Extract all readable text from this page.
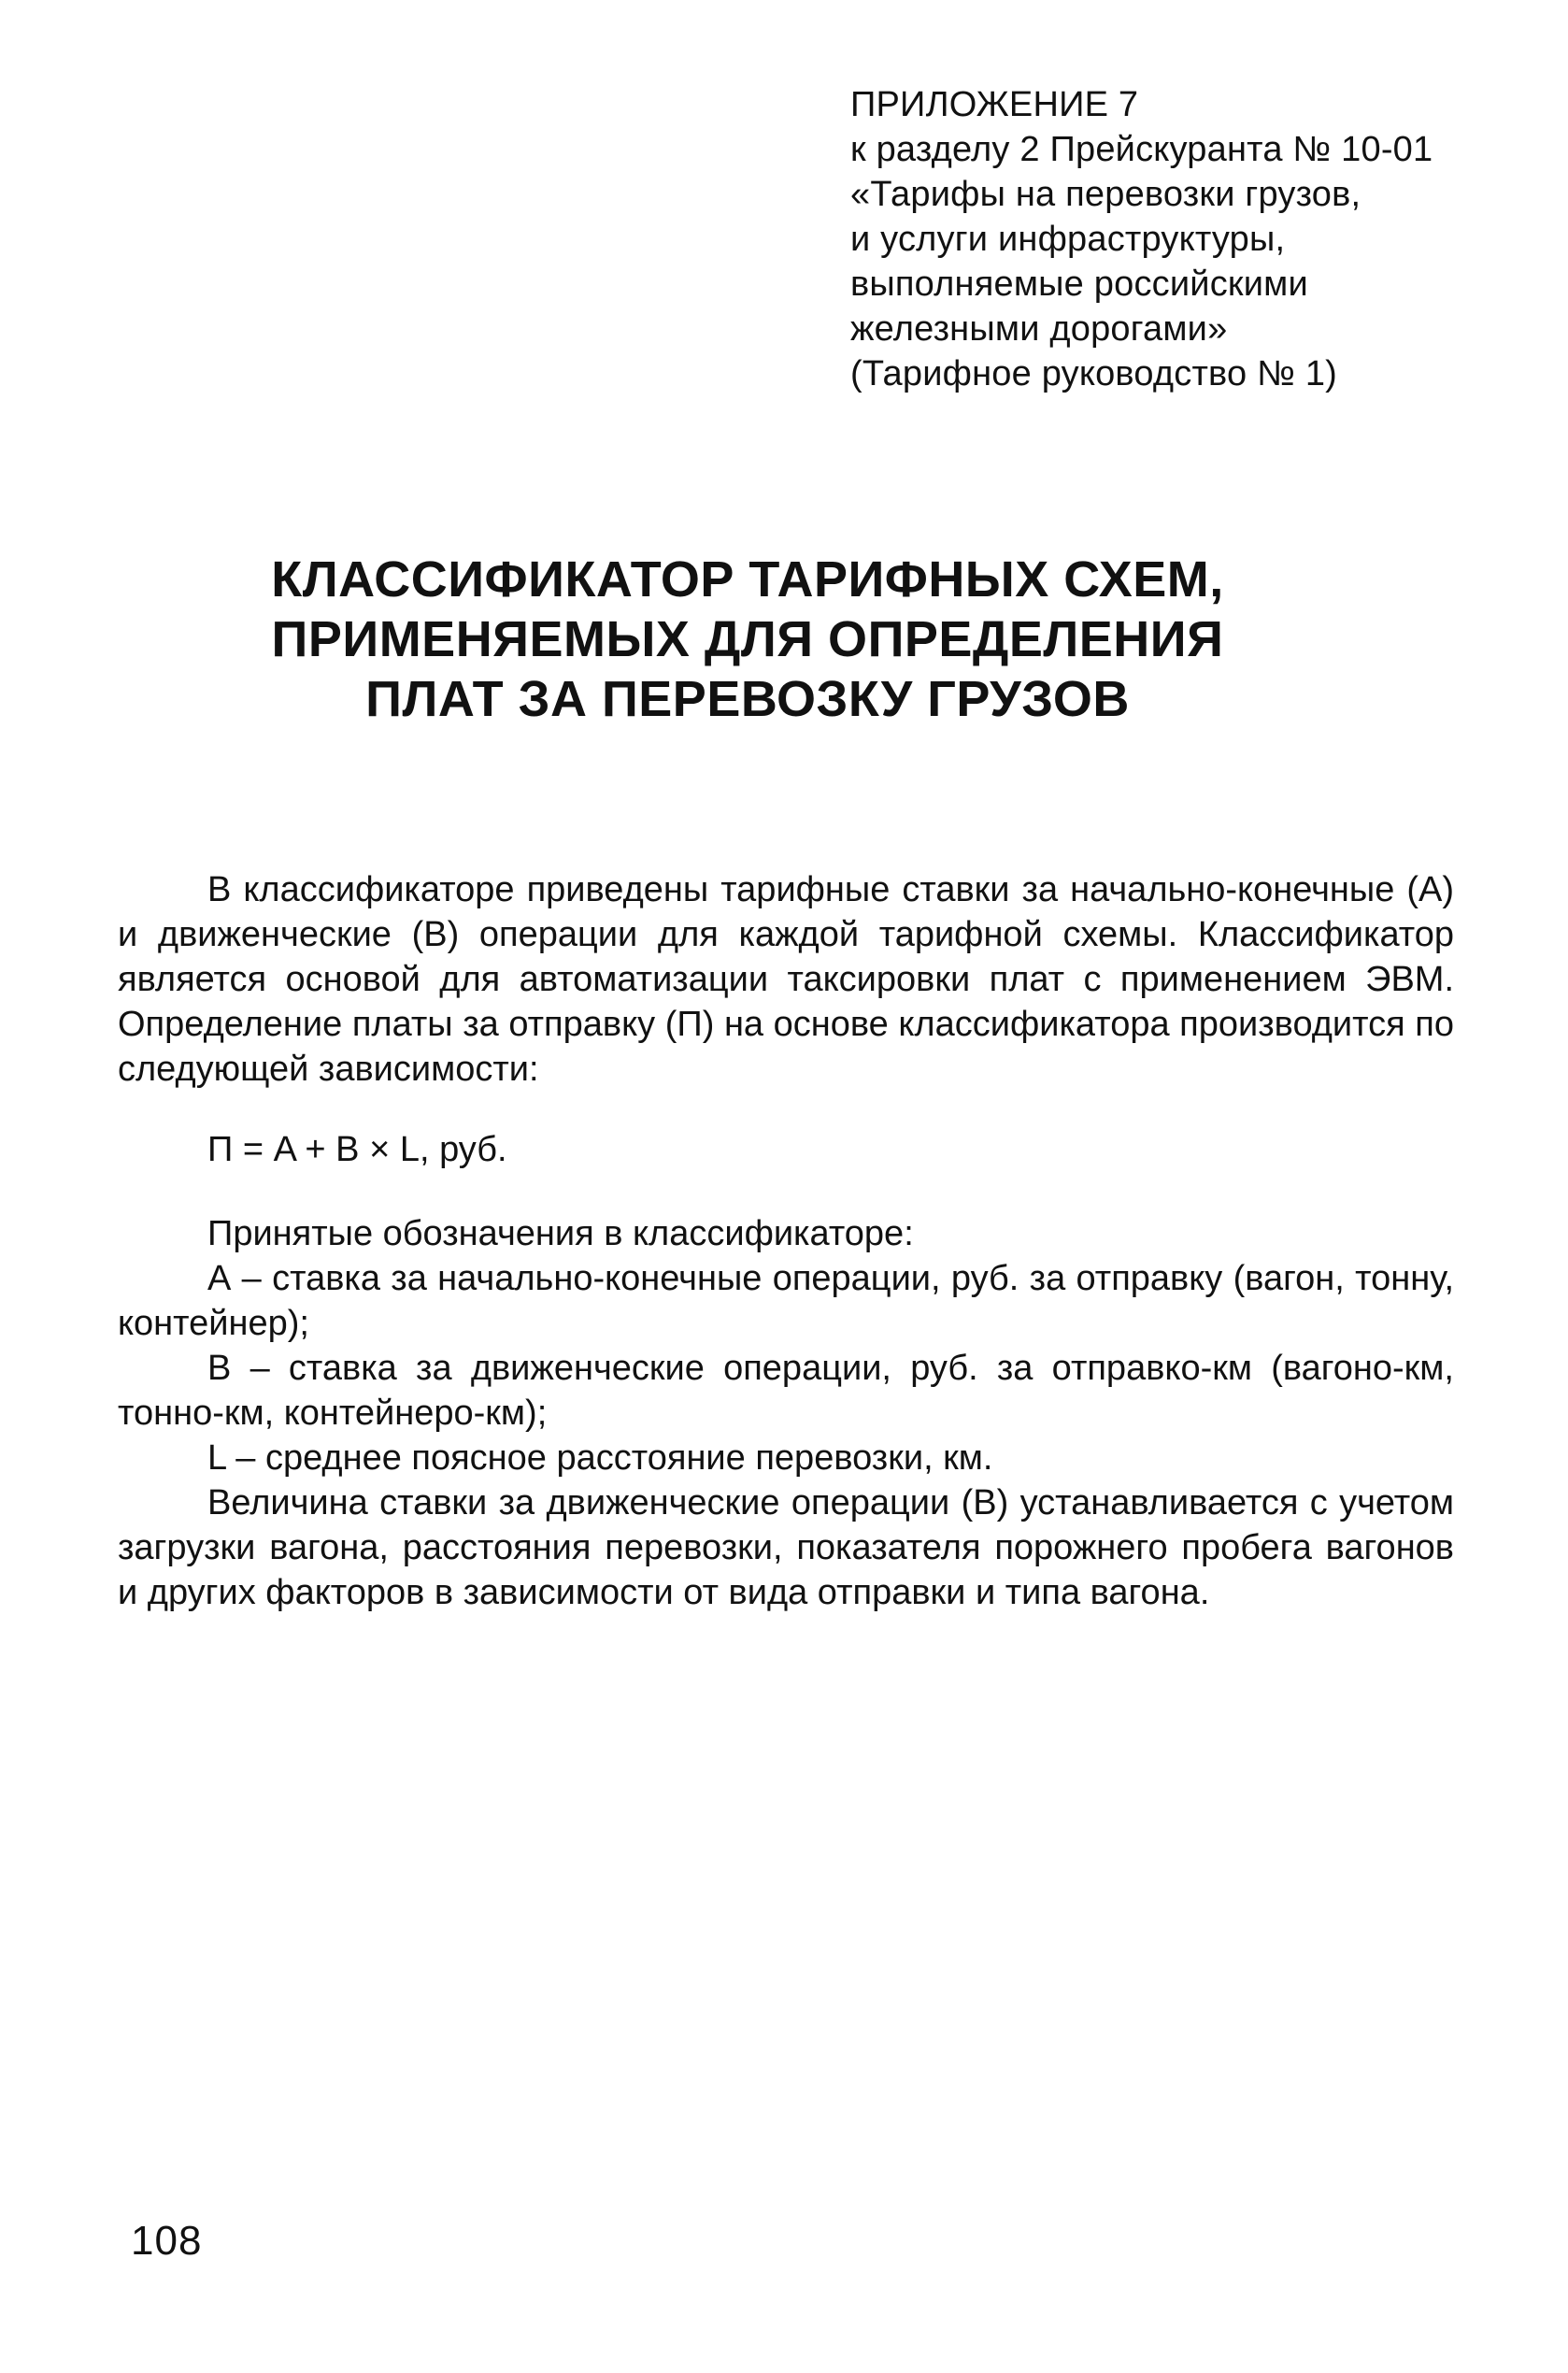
ПРИЛОЖЕНИЕ 7
к разделу 2 Прейскуранта № 10-01
«Тарифы на перевозки грузов,
и услуги инфраструктуры,
выполняемые российскими
железными дорогами»
(Тарифное руководство № 1)
КЛАССИФИКАТОР ТАРИФНЫХ СХЕМ,
ПРИМЕНЯЕМЫХ ДЛЯ ОПРЕДЕЛЕНИЯ
ПЛАТ ЗА ПЕРЕВОЗКУ ГРУЗОВ

В классификаторе приведены тарифные ставки за начально-конечные (А) и движенческие (В) операции для каждой тарифной схемы. Классификатор является основой для автоматизации таксировки плат с применением ЭВМ. Определение платы за отправку (П) на основе классификатора производится по следующей зависимости:

П = A + B × L, руб.

Принятые обозначения в классификаторе:

А – ставка за начально-конечные операции, руб. за отправку (вагон, тонну, контейнер);

В – ставка за движенческие операции, руб. за отправко-км (вагоно-км, тонно-км, контейнеро-км);

L – среднее поясное расстояние перевозки, км.

Величина ставки за движенческие операции (В) устанавливается с учетом загрузки вагона, расстояния перевозки, показателя порожнего пробега вагонов и других факторов в зависимости от вида отправки и типа вагона.

108
